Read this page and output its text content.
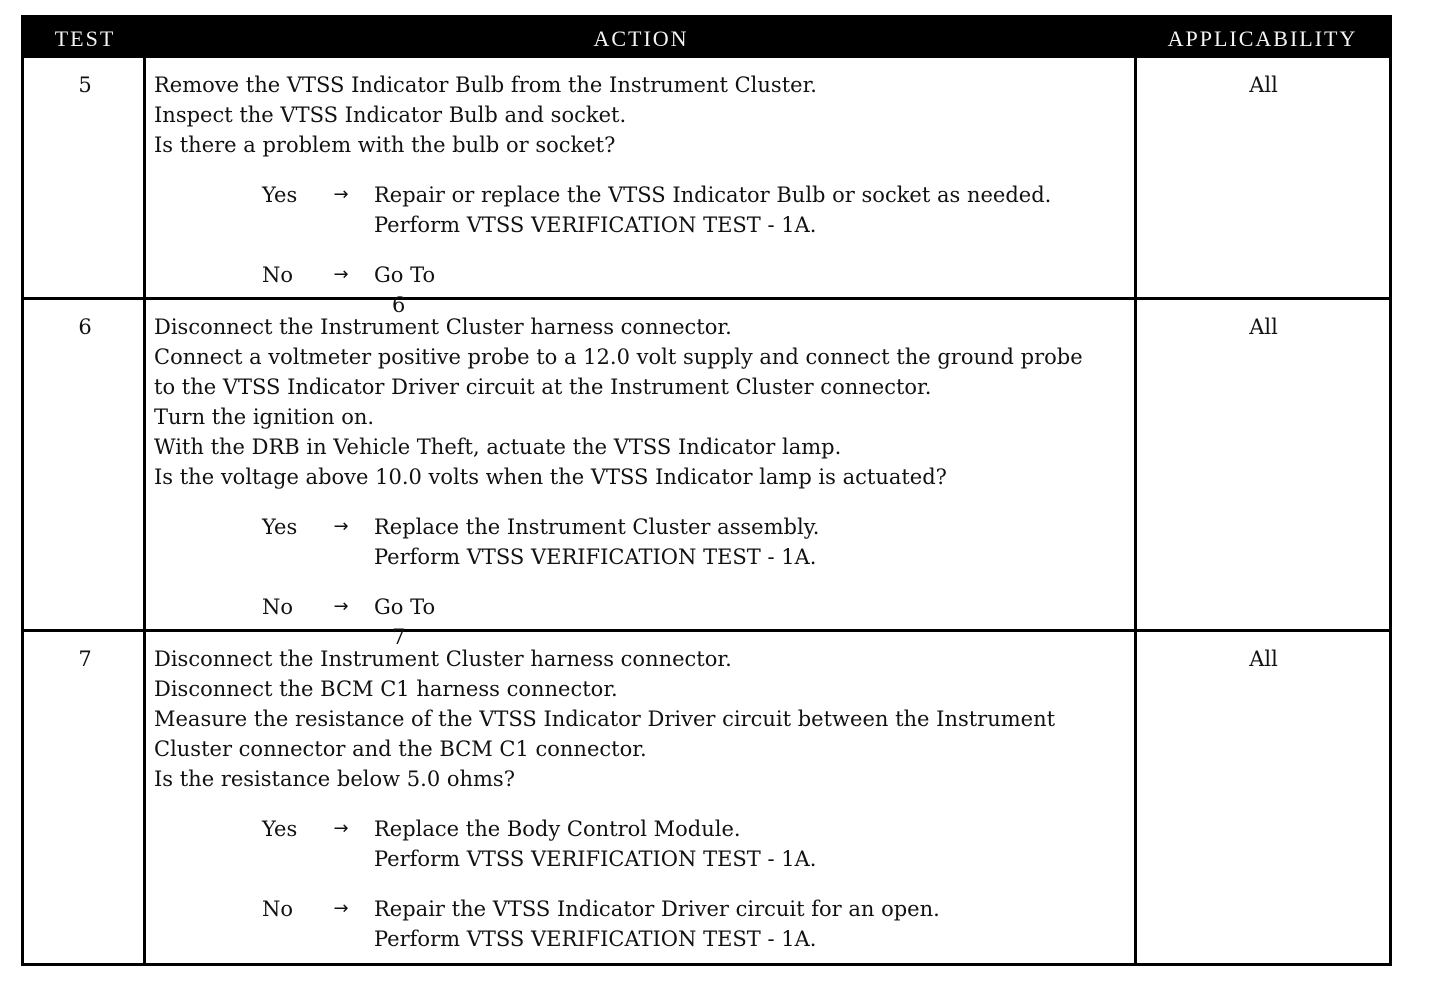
TEST	ACTION	APPLICABILITY
5	Remove the VTSS Indicator Bulb from the Instrument Cluster.
Inspect the VTSS Indicator Bulb and socket.
Is there a problem with the bulb or socket?
Yes	→	Repair or replace the VTSS Indicator Bulb or socket as needed.
Perform VTSS VERIFICATION TEST - 1A.
No	→	Go To
6
All
6	Disconnect the Instrument Cluster harness connector.
Connect a voltmeter positive probe to a 12.0 volt supply and connect the ground probe
to the VTSS Indicator Driver circuit at the Instrument Cluster connector.
Turn the ignition on.
With the DRB in Vehicle Theft, actuate the VTSS Indicator lamp.
Is the voltage above 10.0 volts when the VTSS Indicator lamp is actuated?
Yes	→	Replace the Instrument Cluster assembly.
Perform VTSS VERIFICATION TEST - 1A.
No	→	Go To
7
All
7	Disconnect the Instrument Cluster harness connector.
Disconnect the BCM C1 harness connector.
Measure the resistance of the VTSS Indicator Driver circuit between the Instrument
Cluster connector and the BCM C1 connector.
Is the resistance below 5.0 ohms?
Yes	→	Replace the Body Control Module.
Perform VTSS VERIFICATION TEST - 1A.
No	→	Repair the VTSS Indicator Driver circuit for an open.
Perform VTSS VERIFICATION TEST - 1A.
All
